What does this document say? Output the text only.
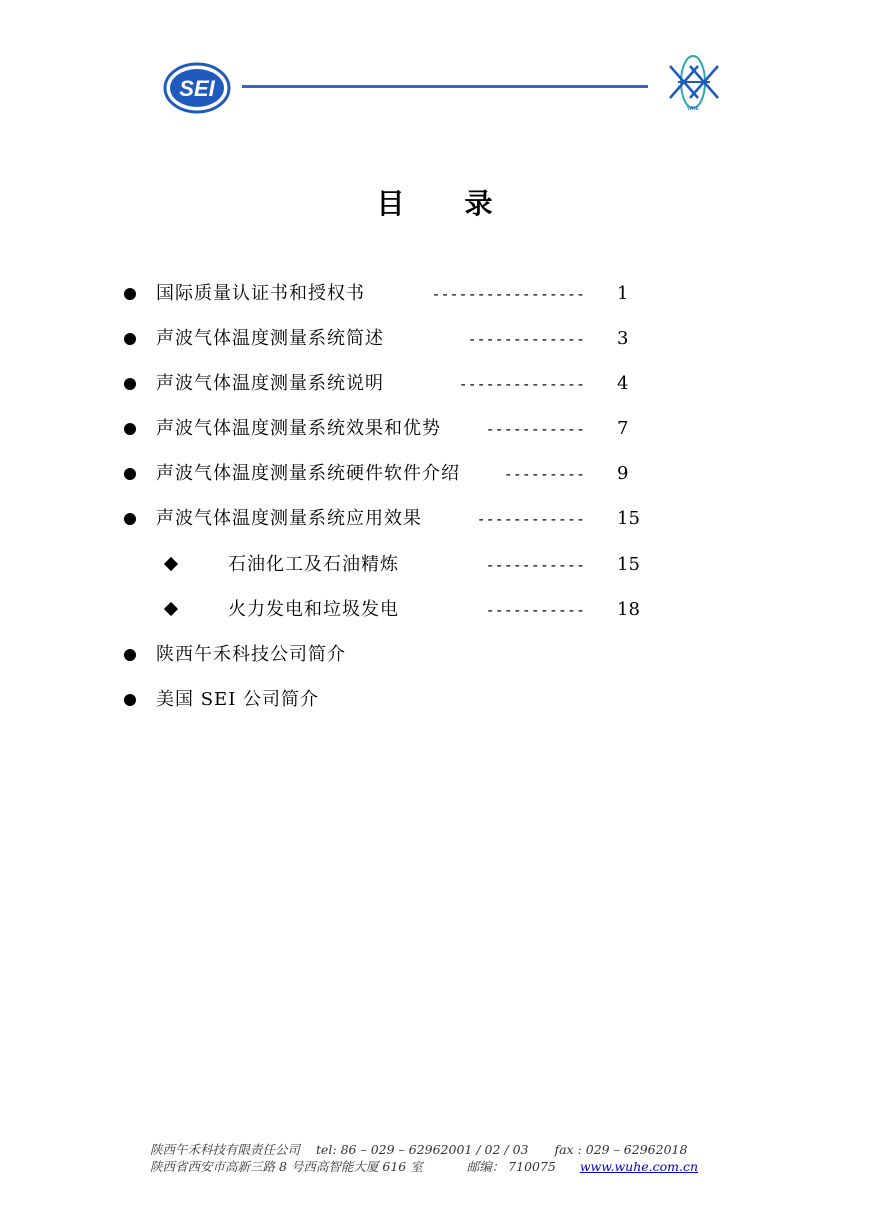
SEI
WHE
目 录
国际质量认证书和授权书	----------------- 1
声波气体温度测量系统简述	------------- 3
声波气体温度测量系统说明	-------------- 4
声波气体温度测量系统效果和优势	----------- 7
声波气体温度测量系统硬件软件介绍	--------- 9
声波气体温度测量系统应用效果	------------ 15
石油化工及石油精炼	----------- 15
火力发电和垃圾发电	----------- 18
陕西午禾科技公司简介
美国 SEI 公司简介
陕西午禾科技有限责任公司 tel: 86 – 029 – 62962001 / 02 / 03 fax : 029 – 62962018
陕西省西安市高新三路 8 号西高智能大厦 616 室	邮编： 710075 www.wuhe.com.cn
